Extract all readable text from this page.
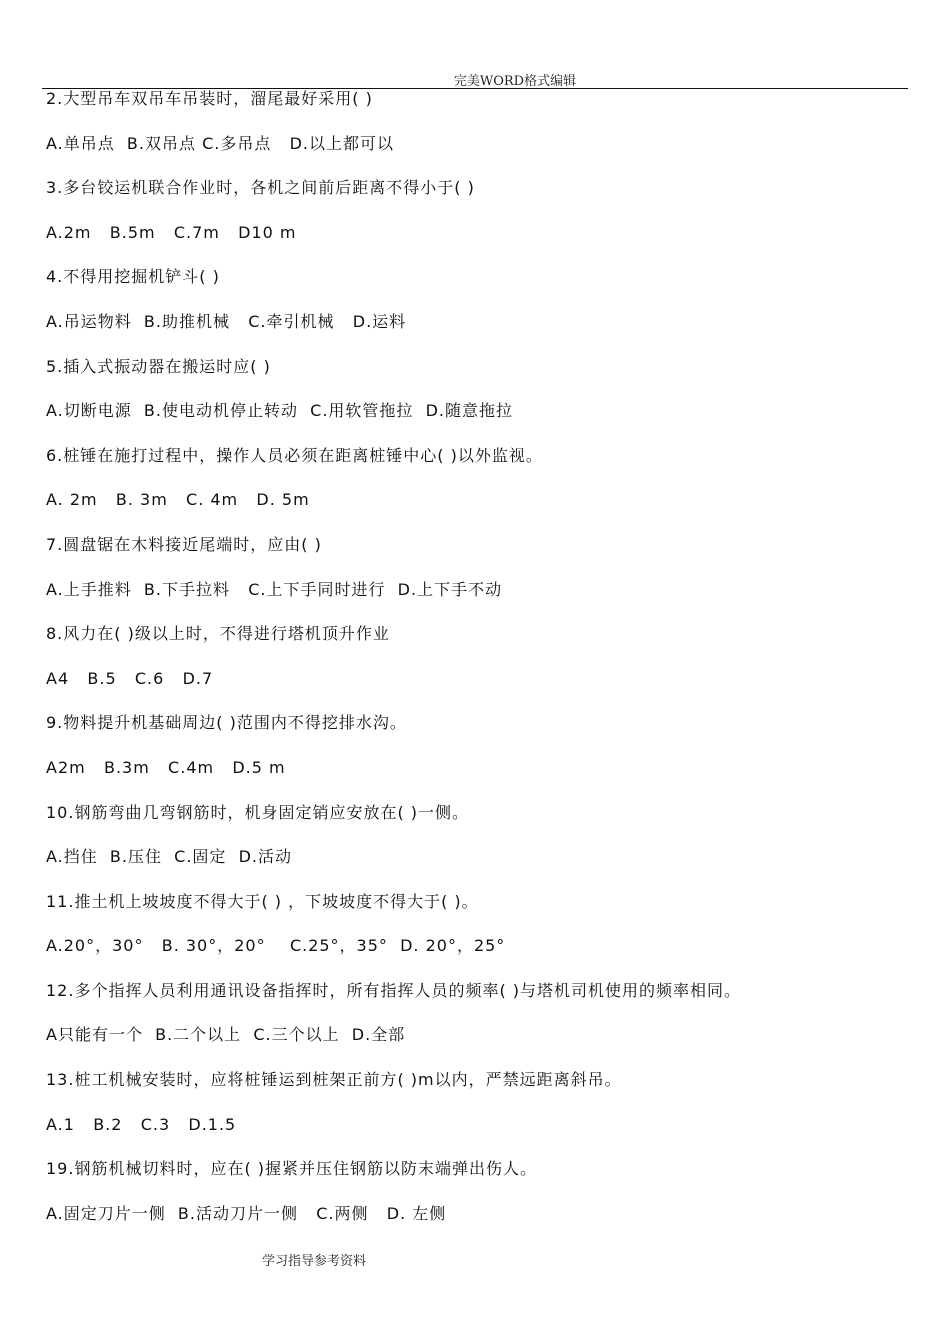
完美WORD格式编辑
2.大型吊车双吊车吊装时，溜尾最好采用( )
A.单吊点  B.双吊点 C.多吊点   D.以上都可以
3.多台铰运机联合作业时，各机之间前后距离不得小于( )
A.2m   B.5m   C.7m   D10 m
4.不得用挖掘机铲斗( )
A.吊运物料  B.助推机械   C.牵引机械   D.运料
5.插入式振动器在搬运时应( )
A.切断电源  B.使电动机停止转动  C.用软管拖拉  D.随意拖拉
6.桩锤在施打过程中，操作人员必须在距离桩锤中心( )以外监视。
A. 2m   B. 3m   C. 4m   D. 5m
7.圆盘锯在木料接近尾端时，应由( )
A.上手推料  B.下手拉料   C.上下手同时进行  D.上下手不动
8.风力在( )级以上时，不得进行塔机顶升作业
A4   B.5   C.6   D.7
9.物料提升机基础周边( )范围内不得挖排水沟。
A2m   B.3m   C.4m   D.5 m
10.钢筋弯曲几弯钢筋时，机身固定销应安放在( )一侧。
A.挡住  B.压住  C.固定  D.活动
11.推土机上坡坡度不得大于( ) ，下坡坡度不得大于( )。
A.20°，30°   B. 30°，20°    C.25°，35°  D. 20°，25°
12.多个指挥人员利用通讯设备指挥时，所有指挥人员的频率( )与塔机司机使用的频率相同。
A只能有一个  B.二个以上  C.三个以上  D.全部
13.桩工机械安装时，应将桩锤运到桩架正前方( )m以内，严禁远距离斜吊。
A.1   B.2   C.3   D.1.5
19.钢筋机械切料时，应在( )握紧并压住钢筋以防末端弹出伤人。
A.固定刀片一侧  B.活动刀片一侧   C.两侧   D. 左侧
学习指导参考资料
